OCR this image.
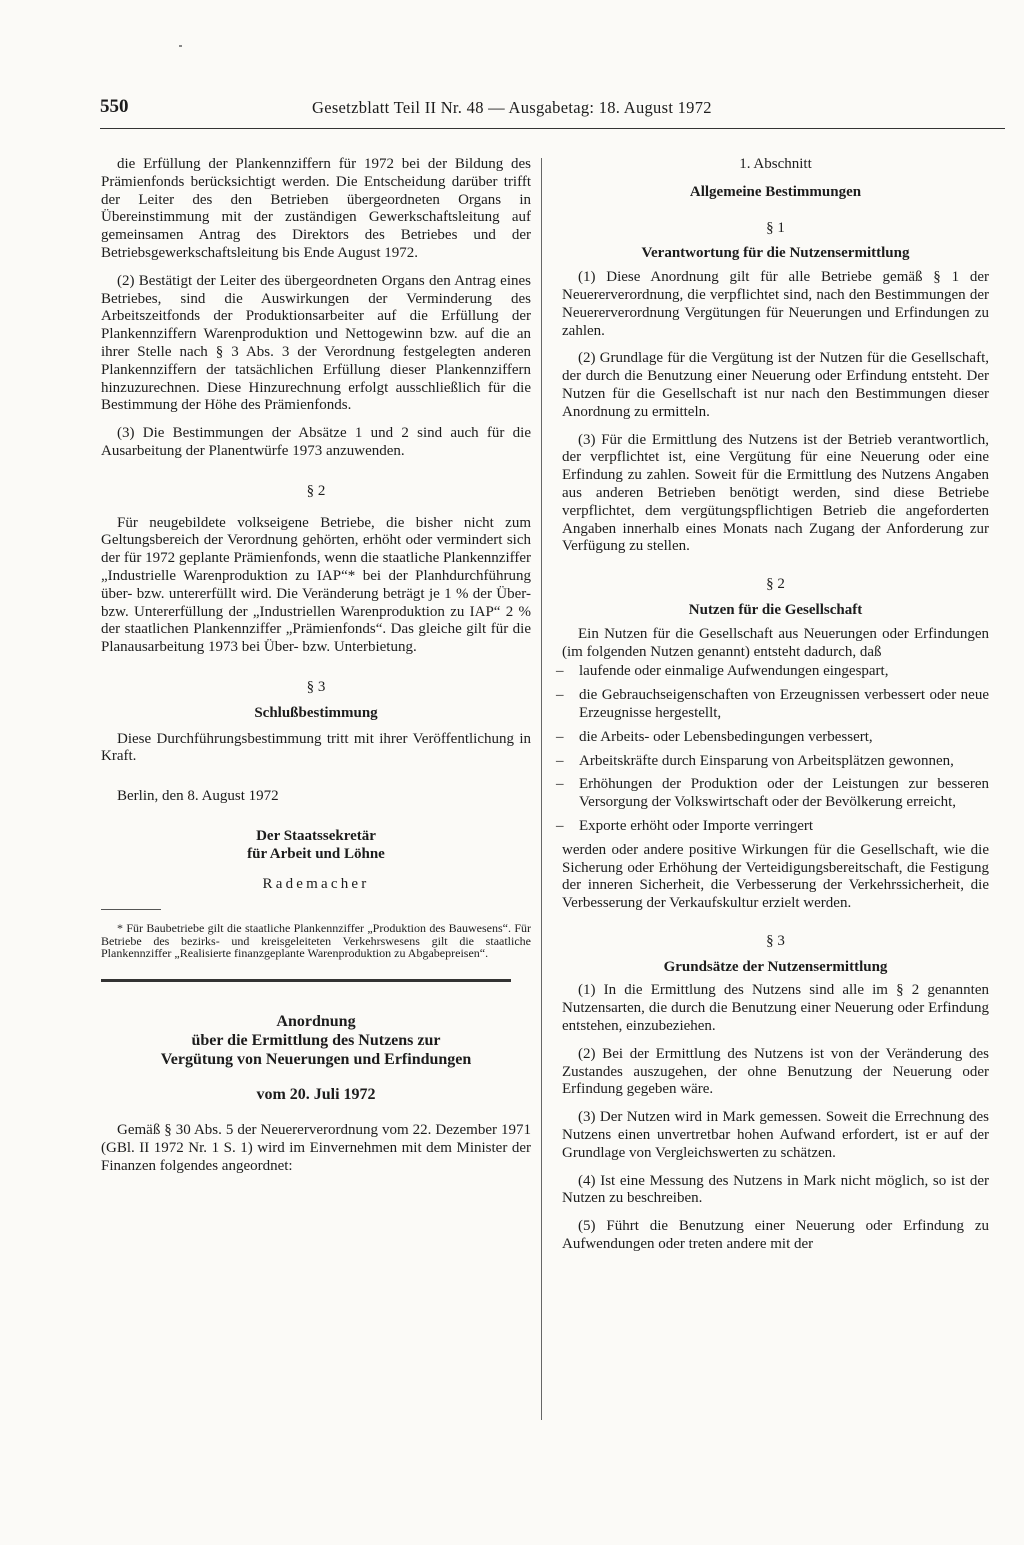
550	Gesetzblatt Teil II Nr. 48 — Ausgabetag: 18. August 1972

die Erfüllung der Plankennziffern für 1972 bei der Bildung des Prämienfonds berücksichtigt werden. Die Entscheidung darüber trifft der Leiter des den Betrieben übergeordneten Organs in Übereinstimmung mit der zuständigen Gewerkschaftsleitung auf gemeinsamen Antrag des Direktors des Betriebes und der Betriebsgewerkschaftsleitung bis Ende August 1972.

(2) Bestätigt der Leiter des übergeordneten Organs den Antrag eines Betriebes, sind die Auswirkungen der Verminderung des Arbeitszeitfonds der Produktionsarbeiter auf die Erfüllung der Plankennziffern Warenproduktion und Nettogewinn bzw. auf die an ihrer Stelle nach § 3 Abs. 3 der Verordnung festgelegten anderen Plankennziffern der tatsächlichen Erfüllung dieser Plankennziffern hinzuzurechnen. Diese Hinzurechnung erfolgt ausschließlich für die Bestimmung der Höhe des Prämienfonds.

(3) Die Bestimmungen der Absätze 1 und 2 sind auch für die Ausarbeitung der Planentwürfe 1973 anzuwenden.

§ 2

Für neugebildete volkseigene Betriebe, die bisher nicht zum Geltungsbereich der Verordnung gehörten, erhöht oder vermindert sich der für 1972 geplante Prämienfonds, wenn die staatliche Plankennziffer „Industrielle Warenproduktion zu IAP“* bei der Planhdurchführung über- bzw. untererfüllt wird. Die Veränderung beträgt je 1 % der Über- bzw. Untererfüllung der „Industriellen Warenproduktion zu IAP“ 2 % der staatlichen Plankennziffer „Prämienfonds“. Das gleiche gilt für die Planausarbeitung 1973 bei Über- bzw. Unterbietung.

§ 3

Schlußbestimmung

Diese Durchführungsbestimmung tritt mit ihrer Veröffentlichung in Kraft.

Berlin, den 8. August 1972

Der Staatssekretär

für Arbeit und Löhne

Rademacher

* Für Baubetriebe gilt die staatliche Plankennziffer „Produktion des Bauwesens“. Für Betriebe des bezirks- und kreisgeleiteten Verkehrswesens gilt die staatliche Plankennziffer „Realisierte finanzgeplante Warenproduktion zu Abgabepreisen“.

Anordnung

über die Ermittlung des Nutzens zur

Vergütung von Neuerungen und Erfindungen

vom 20. Juli 1972

Gemäß § 30 Abs. 5 der Neuererverordnung vom 22. Dezember 1971 (GBl. II 1972 Nr. 1 S. 1) wird im Einvernehmen mit dem Minister der Finanzen folgendes angeordnet:

1. Abschnitt

Allgemeine Bestimmungen

§ 1

Verantwortung für die Nutzensermittlung

(1) Diese Anordnung gilt für alle Betriebe gemäß § 1 der Neuererverordnung, die verpflichtet sind, nach den Bestimmungen der Neuererverordnung Vergütungen für Neuerungen und Erfindungen zu zahlen.

(2) Grundlage für die Vergütung ist der Nutzen für die Gesellschaft, der durch die Benutzung einer Neuerung oder Erfindung entsteht. Der Nutzen für die Gesellschaft ist nur nach den Bestimmungen dieser Anordnung zu ermitteln.

(3) Für die Ermittlung des Nutzens ist der Betrieb verantwortlich, der verpflichtet ist, eine Vergütung für eine Neuerung oder eine Erfindung zu zahlen. Soweit für die Ermittlung des Nutzens Angaben aus anderen Betrieben benötigt werden, sind diese Betriebe verpflichtet, dem vergütungspflichtigen Betrieb die angeforderten Angaben innerhalb eines Monats nach Zugang der Anforderung zur Verfügung zu stellen.

§ 2

Nutzen für die Gesellschaft

Ein Nutzen für die Gesellschaft aus Neuerungen oder Erfindungen (im folgenden Nutzen genannt) entsteht dadurch, daß

– laufende oder einmalige Aufwendungen eingespart,
– die Gebrauchseigenschaften von Erzeugnissen verbessert oder neue Erzeugnisse hergestellt,
– die Arbeits- oder Lebensbedingungen verbessert,
– Arbeitskräfte durch Einsparung von Arbeitsplätzen gewonnen,
– Erhöhungen der Produktion oder der Leistungen zur besseren Versorgung der Volkswirtschaft oder der Bevölkerung erreicht,
– Exporte erhöht oder Importe verringert

werden oder andere positive Wirkungen für die Gesellschaft, wie die Sicherung oder Erhöhung der Verteidigungsbereitschaft, die Festigung der inneren Sicherheit, die Verbesserung der Verkehrssicherheit, die Verbesserung der Verkaufskultur erzielt werden.

§ 3

Grundsätze der Nutzensermittlung

(1) In die Ermittlung des Nutzens sind alle im § 2 genannten Nutzensarten, die durch die Benutzung einer Neuerung oder Erfindung entstehen, einzubeziehen.

(2) Bei der Ermittlung des Nutzens ist von der Veränderung des Zustandes auszugehen, der ohne Benutzung der Neuerung oder Erfindung gegeben wäre.

(3) Der Nutzen wird in Mark gemessen. Soweit die Errechnung des Nutzens einen unvertretbar hohen Aufwand erfordert, ist er auf der Grundlage von Vergleichswerten zu schätzen.

(4) Ist eine Messung des Nutzens in Mark nicht möglich, so ist der Nutzen zu beschreiben.

(5) Führt die Benutzung einer Neuerung oder Erfindung zu Aufwendungen oder treten andere mit der
